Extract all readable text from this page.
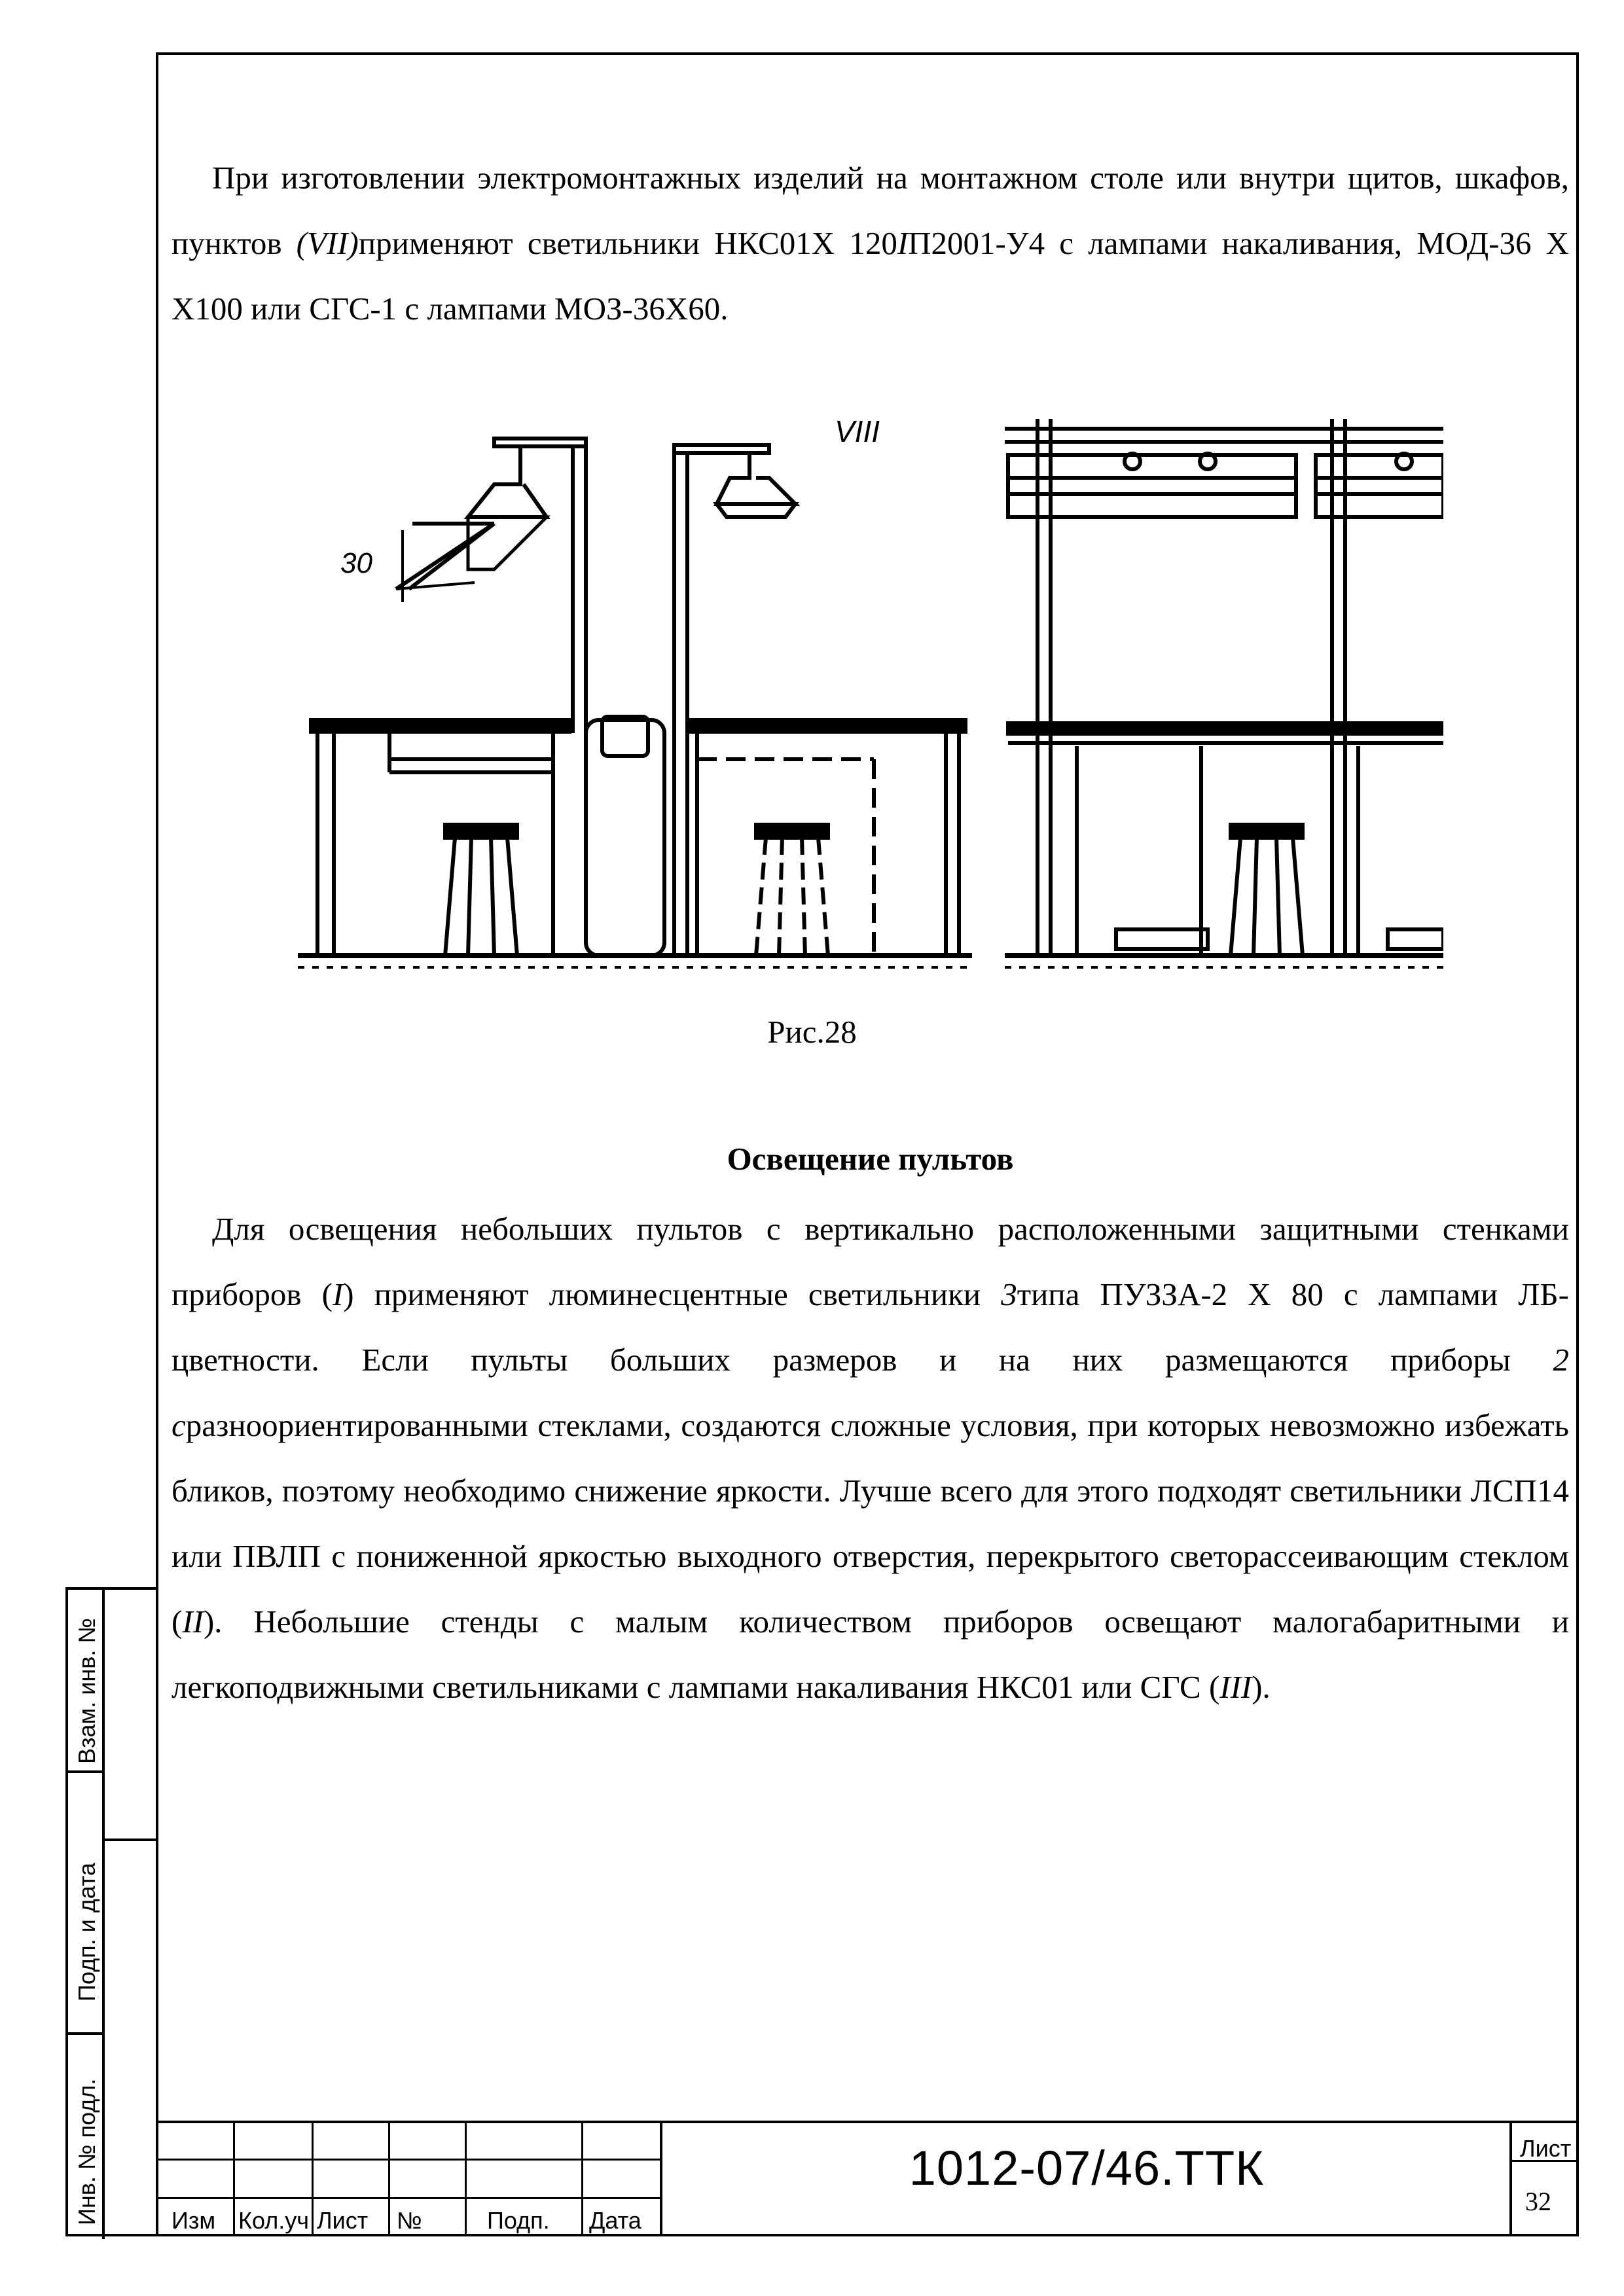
При изготовлении электромонтажных изделий на монтажном столе или внутри щитов, шкафов, пунктов (VII)применяют светильники НКС01Х 120IП2001-У4 с лампами накаливания, МОД-36 Х Х100 или СГС-1 с лампами МОЗ-36Х60.

30
VIII
Рис.28
Освещение пультов

Для освещения небольших пультов с вертикально расположенными защитными стенками приборов (I) применяют люминесцентные светильники 3типа ПУЗЗА-2 Х 80 с лампами ЛБ-цветности. Если пульты больших размеров и на них размещаются приборы 2 сразноориентированными стеклами, создаются сложные условия, при которых невозможно избежать бликов, поэтому необходимо снижение яркости. Лучше всего для этого подходят светильники ЛСП14 или ПВЛП с пониженной яркостью выходного отверстия, перекрытого светорассеивающим стеклом (II). Небольшие стенды с малым количеством приборов освещают малогабаритными и легкоподвижными светильниками с лампами накаливания НКС01 или СГС (III).

Взам. инв. №
Подп. и дата
Инв. № подл.	Изм Кол.уч Лист №	Подп. Дата
1012-07/46.ТТК	Лист
32
